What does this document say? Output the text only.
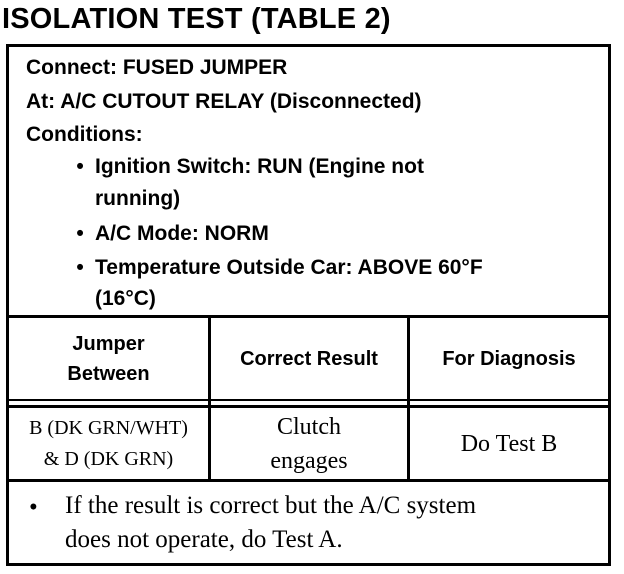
ISOLATION TEST (TABLE 2)
Connect: FUSED JUMPER
At: A/C CUTOUT RELAY (Disconnected)
Conditions:
• Ignition Switch: RUN (Engine not
running)
• A/C Mode: NORM
• Temperature Outside Car: ABOVE 60°F
(16°C)
Jumper
Between
Correct Result	For Diagnosis
B (DK GRN/WHT)
& D (DK GRN)
Clutch
engages
Do Test B
• If the result is correct but the A/C system
does not operate, do Test A.
